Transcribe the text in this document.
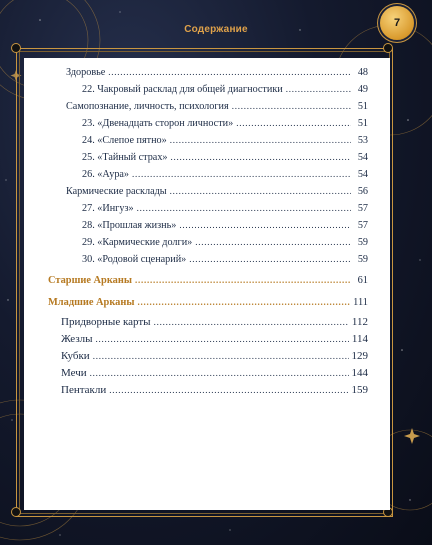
Содержание
7
Здоровье . . .	48
22. Чакровый расклад для общей диагностики . . .	49
Самопознание, личность, психология . . .	51
23. «Двенадцать сторон личности» . . .	51
24. «Слепое пятно» . . .	53
25. «Тайный страх» . . .	54
26. «Аура» . . .	54
Кармические расклады . . .	56
27. «Ингуз» . . .	57
28. «Прошлая жизнь» . . .	57
29. «Кармические долги» . . .	59
30. «Родовой сценарий» . . .	59
Старшие Арканы . . .	61
Младшие Арканы . . .	111
Придворные карты . . .	112
Жезлы . . .	114
Кубки . . .	129
Мечи . . .	144
Пентакли . . .	159
